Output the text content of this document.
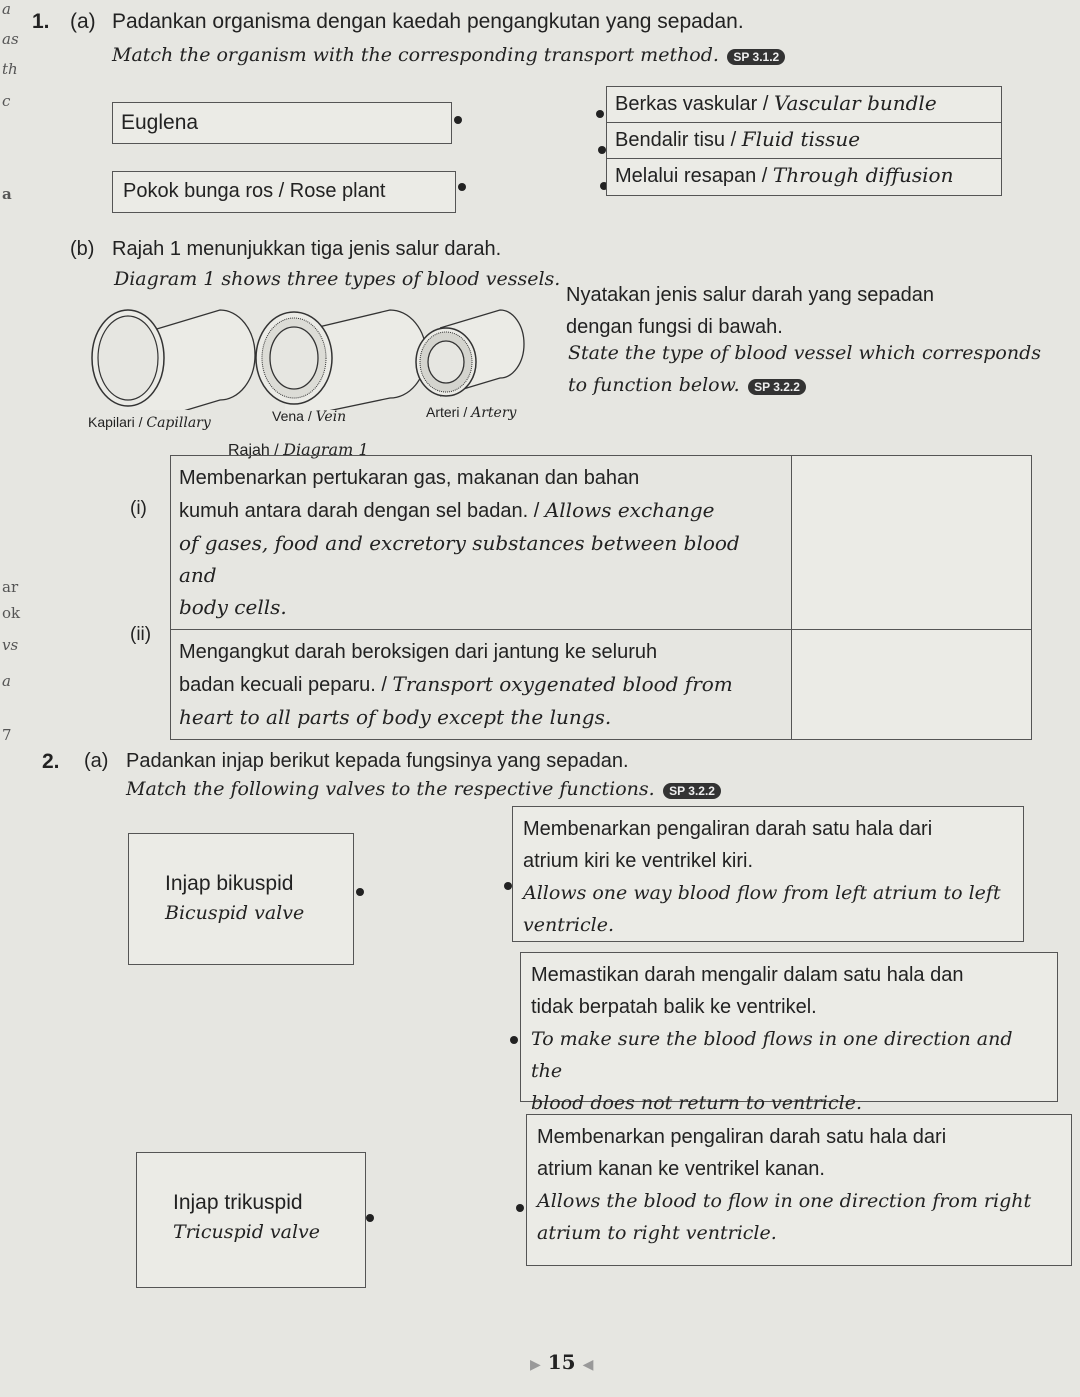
a
as
th
c
a
ar
ok
vs
a
7
1. (a) Padankan organisma dengan kaedah pengangkutan yang sepadan.
Match the organism with the corresponding transport method. SP 3.1.2
Euglena
Pokok bunga ros / Rose plant
Berkas vaskular / Vascular bundle
Bendalir tisu / Fluid tissue
Melalui resapan / Through diffusion
(b) Rajah 1 menunjukkan tiga jenis salur darah.
Diagram 1 shows three types of blood vessels.
Nyatakan jenis salur darah yang sepadan
dengan fungsi di bawah.
State the type of blood vessel which corresponds
to function below. SP 3.2.2
Kapilari / Capillary	Vena / Vein	Arteri / Artery
Rajah / Diagram 1
(i)
(ii)
Membenarkan pertukaran gas, makanan dan bahan
kumuh antara darah dengan sel badan. / Allows exchange
of gases, food and excretory substances between blood and
body cells.	

Mengangkut darah beroksigen dari jantung ke seluruh
badan kecuali peparu. / Transport oxygenated blood from
heart to all parts of body except the lungs.	

2. (a) Padankan injap berikut kepada fungsinya yang sepadan.
Match the following valves to the respective functions. SP 3.2.2
Injap bikuspid
Bicuspid valve
Injap trikuspid
Tricuspid valve
Membenarkan pengaliran darah satu hala dari
atrium kiri ke ventrikel kiri.
Allows one way blood flow from left atrium to left
ventricle.
Memastikan darah mengalir dalam satu hala dan
tidak berpatah balik ke ventrikel.
To make sure the blood flows in one direction and the
blood does not return to ventricle.
Membenarkan pengaliran darah satu hala dari
atrium kanan ke ventrikel kanan.
Allows the blood to flow in one direction from right
atrium to right ventricle.
▶ 15 ◀
